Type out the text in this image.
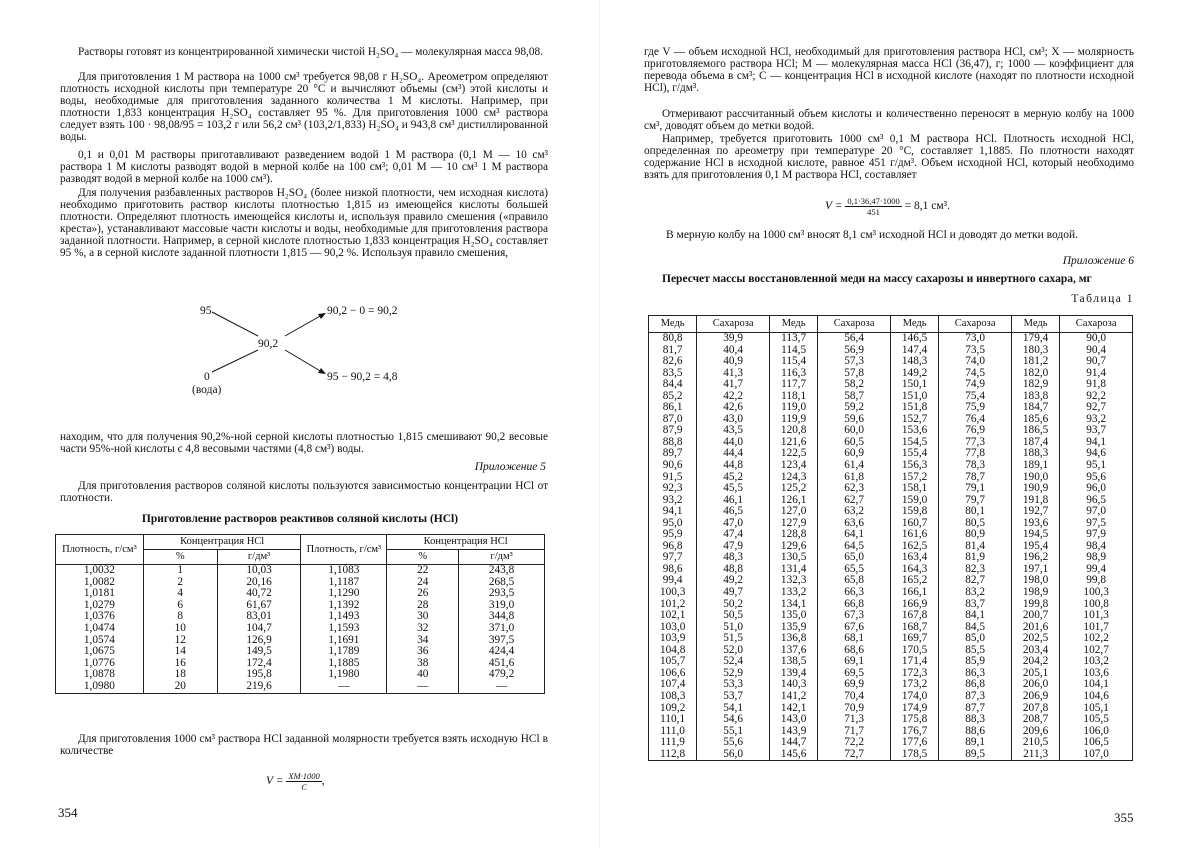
Растворы готовят из концентрированной химически чистой H₂SO₄ — молекулярная масса 98,08.

Для приготовления 1 М раствора на 1000 см³ требуется 98,08 г H₂SO₄. Ареометром определяют плотность исходной кислоты при температуре 20 °С и вычисляют объемы (см³) этой кислоты и воды, необходимые для приготовления заданного количества 1 М кислоты. Например, при плотности 1,833 концентрация H₂SO₄ составляет 95 %. Для приготовления 1000 см³ раствора следует взять 100 · 98,08/95 = 103,2 г или 56,2 см³ (103,2/1,833) H₂SO₄ и 943,8 см³ дистиллированной воды.

0,1 и 0,01 М растворы приготавливают разведением водой 1 М раствора (0,1 М — 10 см³ раствора 1 М кислоты разводят водой в мерной колбе на 100 см³; 0,01 М — 10 см³ 1 М раствора разводят водой в мерной колбе на 1000 см³).

Для получения разбавленных растворов H₂SO₄ (более низкой плотности, чем исходная кислота) необходимо приготовить раствор кислоты плотностью 1,815 из имеющейся кислоты большей плотности. Определяют плотность имеющейся кислоты и, используя правило смешения («правило креста»), устанавливают массовые части кислоты и воды, необходимые для приготовления раствора заданной плотности. Например, в серной кислоте плотностью 1,833 концентрация H₂SO₄ составляет 95 %, а в серной кислоте заданной плотности 1,815 — 90,2 %. Используя правило смешения,

95	90,2 − 0 = 90,2
90,2
0
(вода)
95 − 90,2 = 4,8

находим, что для получения 90,2%-ной серной кислоты плотностью 1,815 смешивают 90,2 весовые части 95%-ной кислоты с 4,8 весовыми частями (4,8 см³) воды.

Приложение 5

Для приготовления растворов соляной кислоты пользуются зависимостью концентрации HCl от плотности.

Приготовление растворов реактивов соляной кислоты (HCl)
Плотность, г/см³	Концентрация HCl		Плотность, г/см³	Концентрация HCl	
	%	г/дм³		%	г/дм³
1,0032	1	10,03	1,1083	22	243,8
1,0082	2	20,16	1,1187	24	268,5
1,0181	4	40,72	1,1290	26	293,5
1,0279	6	61,67	1,1392	28	319,0
1,0376	8	83,01	1,1493	30	344,8
1,0474	10	104,7	1,1593	32	371,0
1,0574	12	126,9	1,1691	34	397,5
1,0675	14	149,5	1,1789	36	424,4
1,0776	16	172,4	1,1885	38	451,6
1,0878	18	195,8	1,1980	40	479,2
1,0980	20	219,6	—	—	—

Для приготовления 1000 см³ раствора HCl заданной молярности требуется взять исходную HCl в количестве

$V = \frac{XM\cdot 1000}{C}$ ,
354

где V — объем исходной HCl, необходимый для приготовления раствора HCl, см³; X — молярность приготовляемого раствора HCl; M — молекулярная масса HCl (36,47), г; 1000 — коэффициент для перевода объема в см³; C — концентрация HCl в исходной кислоте (находят по плотности исходной HCl), г/дм³.

Отмеривают рассчитанный объем кислоты и количественно переносят в мерную колбу на 1000 см³, доводят объем до метки водой.

Например, требуется приготовить 1000 см³ 0,1 М раствора HCl. Плотность исходной HCl, определенная по ареометру при температуре 20 °С, составляет 1,1885. По плотности находят содержание HCl в исходной кислоте, равное 451 г/дм³. Объем исходной HCl, который необходимо взять для приготовления 0,1 М раствора HCl, составляет

$V = \frac{0,1\cdot 36,47\cdot 1000}{451} = 8,1$ см³.
В мерную колбу на 1000 см³ вносят 8,1 см³ исходной HCl и доводят до метки водой.
Приложение 6
Пересчет массы восстановленной меди на массу сахарозы и инвертного сахара, мг
Таблица 1
Медь	Сахароза	Медь	Сахароза	Медь	Сахароза	Медь	Сахароза
80,8	39,9	113,7	56,4	146,5	73,0	179,4	90,0
81,7	40,4	114,5	56,9	147,4	73,5	180,3	90,4
82,6	40,9	115,4	57,3	148,3	74,0	181,2	90,7
83,5	41,3	116,3	57,8	149,2	74,5	182,0	91,4
84,4	41,7	117,7	58,2	150,1	74,9	182,9	91,8
85,2	42,2	118,1	58,7	151,0	75,4	183,8	92,2
86,1	42,6	119,0	59,2	151,8	75,9	184,7	92,7
87,0	43,0	119,9	59,6	152,7	76,4	185,6	93,2
87,9	43,5	120,8	60,0	153,6	76,9	186,5	93,7
88,8	44,0	121,6	60,5	154,5	77,3	187,4	94,1
89,7	44,4	122,5	60,9	155,4	77,8	188,3	94,6
90,6	44,8	123,4	61,4	156,3	78,3	189,1	95,1
91,5	45,2	124,3	61,8	157,2	78,7	190,0	95,6
92,3	45,5	125,2	62,3	158,1	79,1	190,9	96,0
93,2	46,1	126,1	62,7	159,0	79,7	191,8	96,5
94,1	46,5	127,0	63,2	159,8	80,1	192,7	97,0
95,0	47,0	127,9	63,6	160,7	80,5	193,6	97,5
95,9	47,4	128,8	64,1	161,6	80,9	194,5	97,9
96,8	47,9	129,6	64,5	162,5	81,4	195,4	98,4
97,7	48,3	130,5	65,0	163,4	81,9	196,2	98,9
98,6	48,8	131,4	65,5	164,3	82,3	197,1	99,4
99,4	49,2	132,3	65,8	165,2	82,7	198,0	99,8
100,3	49,7	133,2	66,3	166,1	83,2	198,9	100,3
101,2	50,2	134,1	66,8	166,9	83,7	199,8	100,8
102,1	50,5	135,0	67,3	167,8	84,1	200,7	101,3
103,0	51,0	135,9	67,6	168,7	84,5	201,6	101,7
103,9	51,5	136,8	68,1	169,7	85,0	202,5	102,2
104,8	52,0	137,6	68,6	170,5	85,5	203,4	102,7
105,7	52,4	138,5	69,1	171,4	85,9	204,2	103,2
106,6	52,9	139,4	69,5	172,3	86,3	205,1	103,6
107,4	53,3	140,3	69,9	173,2	86,8	206,0	104,1
108,3	53,7	141,2	70,4	174,0	87,3	206,9	104,6
109,2	54,1	142,1	70,9	174,9	87,7	207,8	105,1
110,1	54,6	143,0	71,3	175,8	88,3	208,7	105,5
111,0	55,1	143,9	71,7	176,7	88,6	209,6	106,0
111,9	55,6	144,7	72,2	177,6	89,1	210,5	106,5
112,8	56,0	145,6	72,7	178,5	89,5	211,3	107,0
355
